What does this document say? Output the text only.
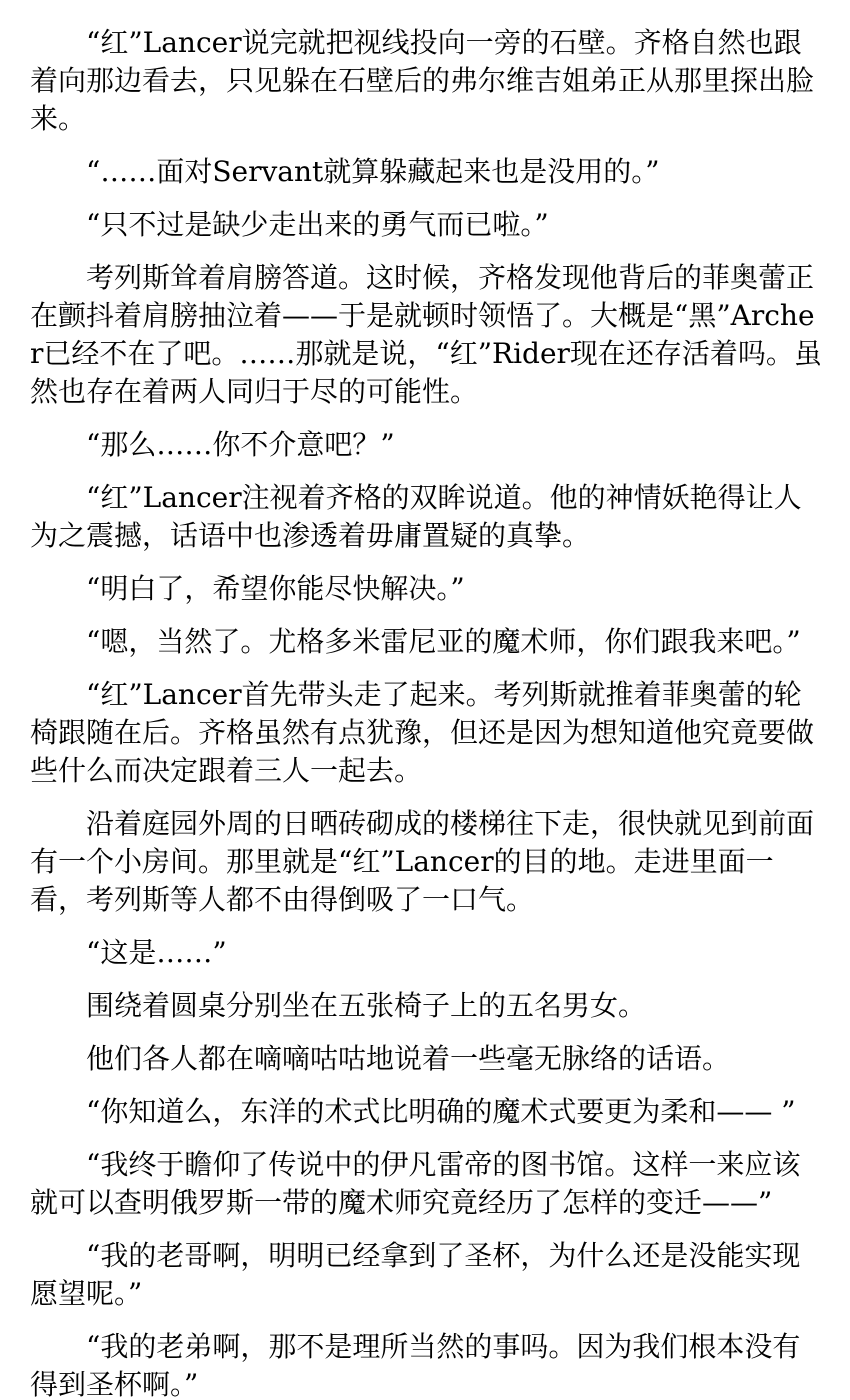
“红”Lancer说完就把视线投向一旁的石壁。齐格自然也跟着向那边看去，只见躲在石壁后的弗尔维吉姐弟正从那里探出脸来。

“……面对Servant就算躲藏起来也是没用的。”

“只不过是缺少走出来的勇气而已啦。”

考列斯耸着肩膀答道。这时候，齐格发现他背后的菲奥蕾正在颤抖着肩膀抽泣着——于是就顿时领悟了。大概是“黑”Archer已经不在了吧。……那就是说，“红”Rider现在还存活着吗。虽然也存在着两人同归于尽的可能性。

“那么……你不介意吧？”

“红”Lancer注视着齐格的双眸说道。他的神情妖艳得让人为之震撼，话语中也渗透着毋庸置疑的真挚。

“明白了，希望你能尽快解决。”

“嗯，当然了。尤格多米雷尼亚的魔术师，你们跟我来吧。”

“红”Lancer首先带头走了起来。考列斯就推着菲奥蕾的轮椅跟随在后。齐格虽然有点犹豫，但还是因为想知道他究竟要做些什么而决定跟着三人一起去。

沿着庭园外周的日晒砖砌成的楼梯往下走，很快就见到前面有一个小房间。那里就是“红”Lancer的目的地。走进里面一看，考列斯等人都不由得倒吸了一口气。

“这是……”

围绕着圆桌分别坐在五张椅子上的五名男女。

他们各人都在嘀嘀咕咕地说着一些毫无脉络的话语。

“你知道么，东洋的术式比明确的魔术式要更为柔和—— ”

“我终于瞻仰了传说中的伊凡雷帝的图书馆。这样一来应该就可以查明俄罗斯一带的魔术师究竟经历了怎样的变迁——”

“我的老哥啊，明明已经拿到了圣杯，为什么还是没能实现愿望呢。”

“我的老弟啊，那不是理所当然的事吗。因为我们根本没有得到圣杯啊。”
